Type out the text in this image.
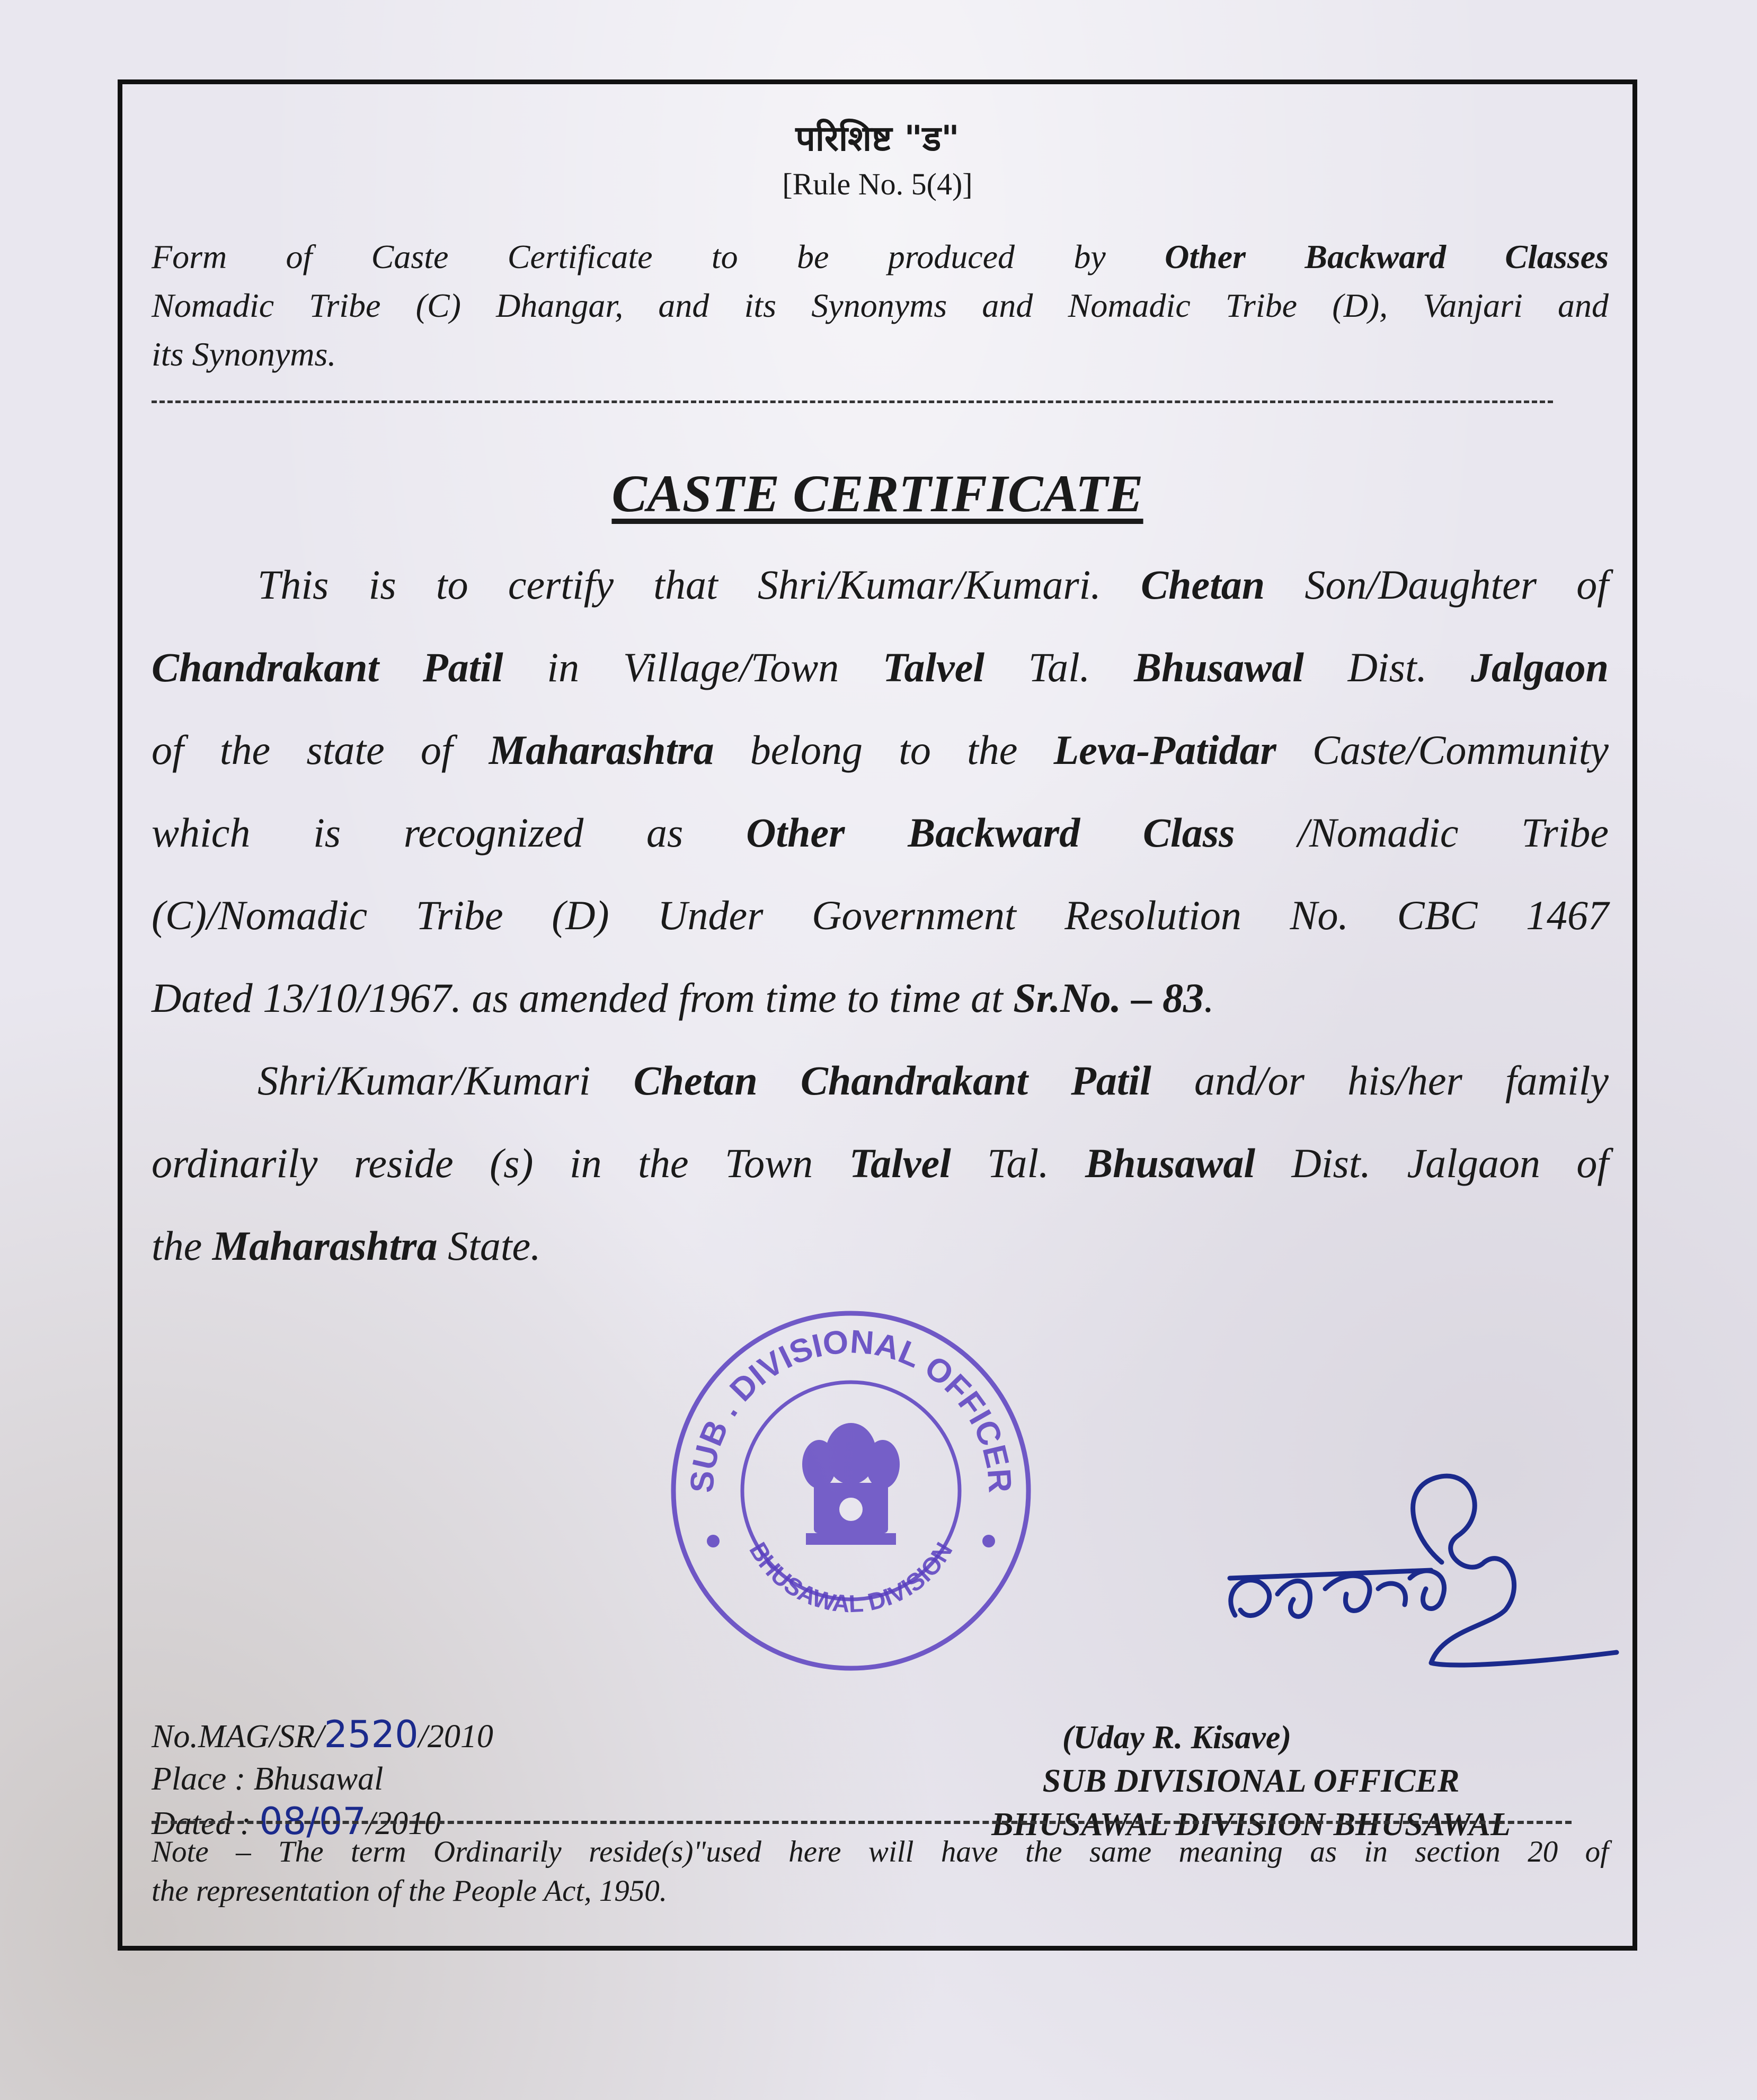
परिशिष्ट "ड"
[Rule No. 5(4)]
Form of Caste Certificate to be produced by Other Backward Classes
Nomadic Tribe (C) Dhangar, and its Synonyms and Nomadic Tribe (D), Vanjari and
its Synonyms.
CASTE CERTIFICATE
This is to certify that Shri/Kumar/Kumari. Chetan Son/Daughter of
Chandrakant Patil in Village/Town Talvel Tal. Bhusawal Dist. Jalgaon
of the state of Maharashtra belong to the Leva-Patidar Caste/Community
which is recognized as Other Backward Class /Nomadic Tribe
(C)/Nomadic Tribe (D) Under Government Resolution No. CBC 1467
Dated 13/10/1967. as amended from time to time at Sr.No. – 83.
Shri/Kumar/Kumari Chetan Chandrakant Patil and/or his/her family
ordinarily reside (s) in the Town Talvel Tal. Bhusawal Dist. Jalgaon of
the Maharashtra State.
SUB . DIVISIONAL OFFICER
BHUSAWAL DIVISION
No.MAG/SR/2520/2010
Place : Bhusawal
Dated : 08/07/2010
(Uday R. Kisave)
SUB DIVISIONAL OFFICER
BHUSAWAL DIVISION BHUSAWAL
Note – The term Ordinarily reside(s)"used here will have the same meaning as in section 20 of
the representation of the People Act, 1950.
